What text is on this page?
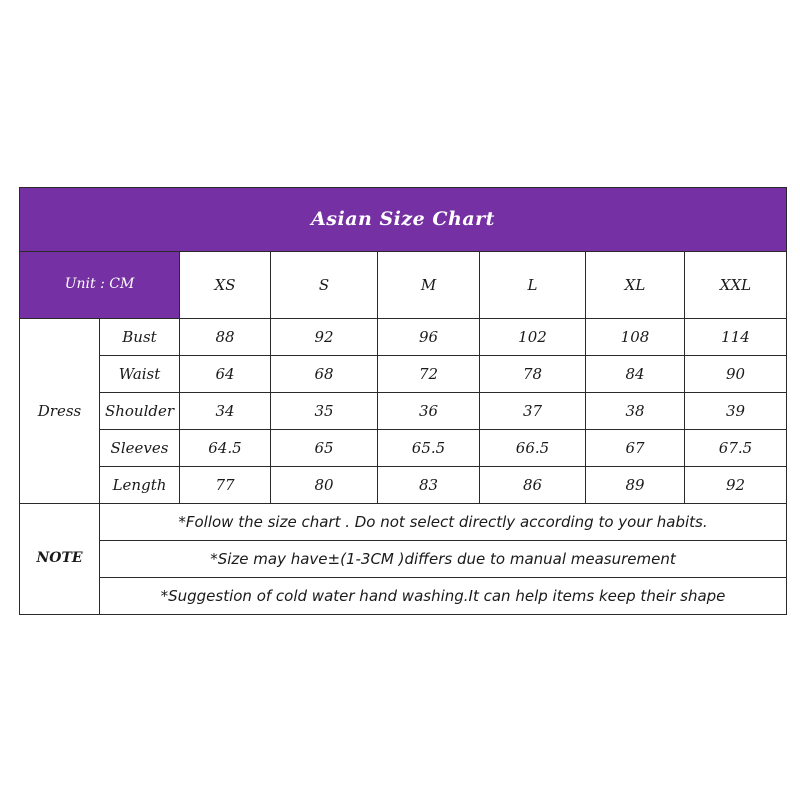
Asian Size Chart							
Unit : CM		XS	S	M	L	XL	XXL
Dress	Bust	88	92	96	102	108	114
	Waist	64	68	72	78	84	90
	Shoulder	34	35	36	37	38	39
	Sleeves	64.5	65	65.5	66.5	67	67.5
	Length	77	80	83	86	89	92
NOTE	*Follow the size chart . Do not select directly according to your habits.						
	*Size may have±(1-3CM )differs due to manual measurement						
	*Suggestion of cold water hand washing.It can help items keep their shape						
